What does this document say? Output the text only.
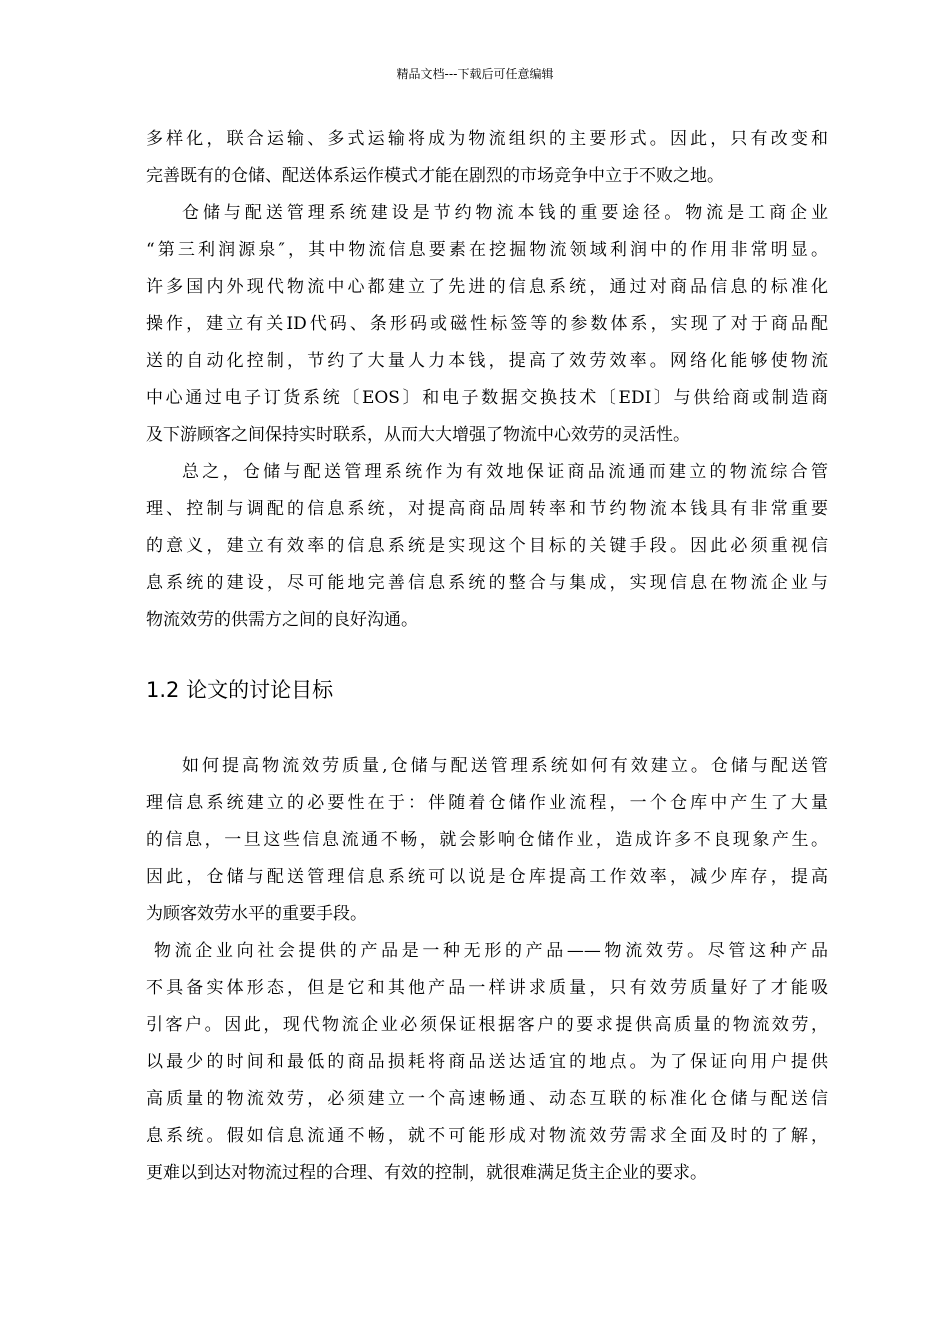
精品文档---下载后可任意编辑

多样化，联合运输、多式运输将成为物流组织的主要形式。因此，只有改变和
完善既有的仓储、配送体系运作模式才能在剧烈的市场竞争中立于不败之地。

仓储与配送管理系统建设是节约物流本钱的重要途径。物流是工商企业
“第三利润源泉″，其中物流信息要素在挖掘物流领域利润中的作用非常明显。
许多国内外现代物流中心都建立了先进的信息系统，通过对商品信息的标准化
操作，建立有关ID代码、条形码或磁性标签等的参数体系，实现了对于商品配
送的自动化控制，节约了大量人力本钱，提高了效劳效率。网络化能够使物流
中心通过电子订货系统〔EOS〕和电子数据交换技术〔EDI〕与供给商或制造商
及下游顾客之间保持实时联系，从而大大增强了物流中心效劳的灵活性。

总之，仓储与配送管理系统作为有效地保证商品流通而建立的物流综合管
理、控制与调配的信息系统，对提高商品周转率和节约物流本钱具有非常重要
的意义，建立有效率的信息系统是实现这个目标的关键手段。因此必须重视信
息系统的建设，尽可能地完善信息系统的整合与集成，实现信息在物流企业与
物流效劳的供需方之间的良好沟通。

1.2 论文的讨论目标

如何提高物流效劳质量,仓储与配送管理系统如何有效建立。仓储与配送管
理信息系统建立的必要性在于：伴随着仓储作业流程，一个仓库中产生了大量
的信息，一旦这些信息流通不畅，就会影响仓储作业，造成许多不良现象产生。
因此，仓储与配送管理信息系统可以说是仓库提高工作效率，减少库存，提高
为顾客效劳水平的重要手段。

物流企业向社会提供的产品是一种无形的产品——物流效劳。尽管这种产品
不具备实体形态，但是它和其他产品一样讲求质量，只有效劳质量好了才能吸
引客户。因此，现代物流企业必须保证根据客户的要求提供高质量的物流效劳，
以最少的时间和最低的商品损耗将商品送达适宜的地点。为了保证向用户提供
高质量的物流效劳，必须建立一个高速畅通、动态互联的标准化仓储与配送信
息系统。假如信息流通不畅，就不可能形成对物流效劳需求全面及时的了解，
更难以到达对物流过程的合理、有效的控制，就很难满足货主企业的要求。
